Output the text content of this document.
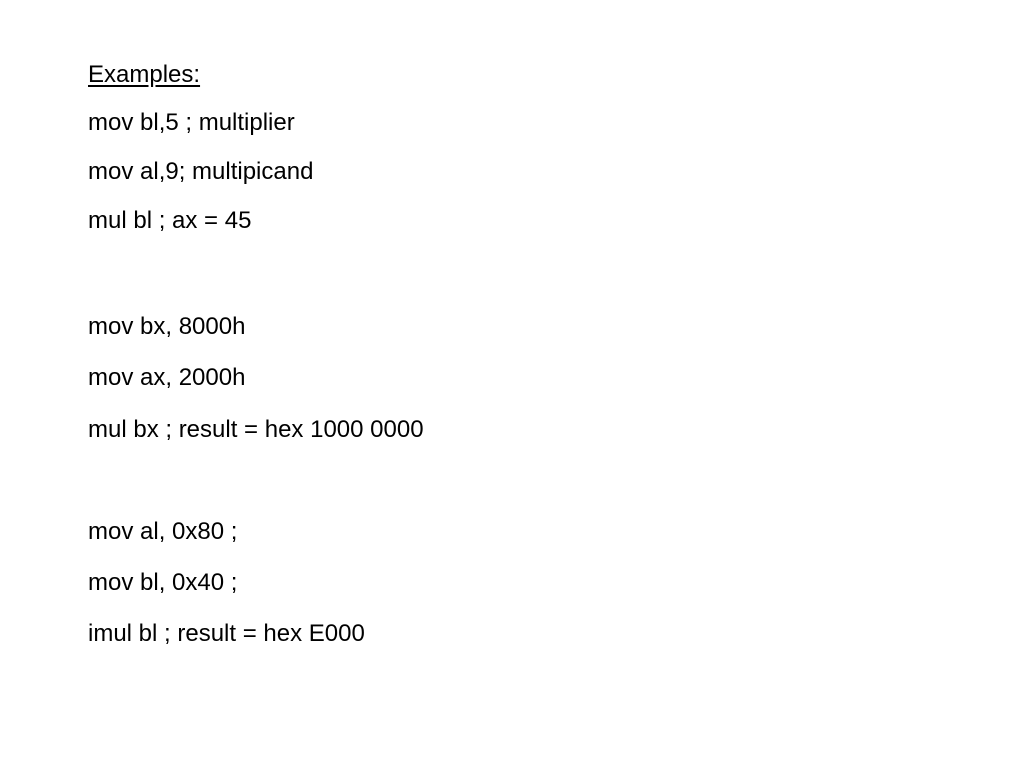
Examples:
mov bl,5 ; multiplier
mov al,9; multipicand
mul bl ; ax = 45
mov bx, 8000h
mov ax, 2000h
mul bx ; result = hex 1000 0000
mov al, 0x80 ;
mov bl, 0x40 ;
imul bl ; result = hex E000
